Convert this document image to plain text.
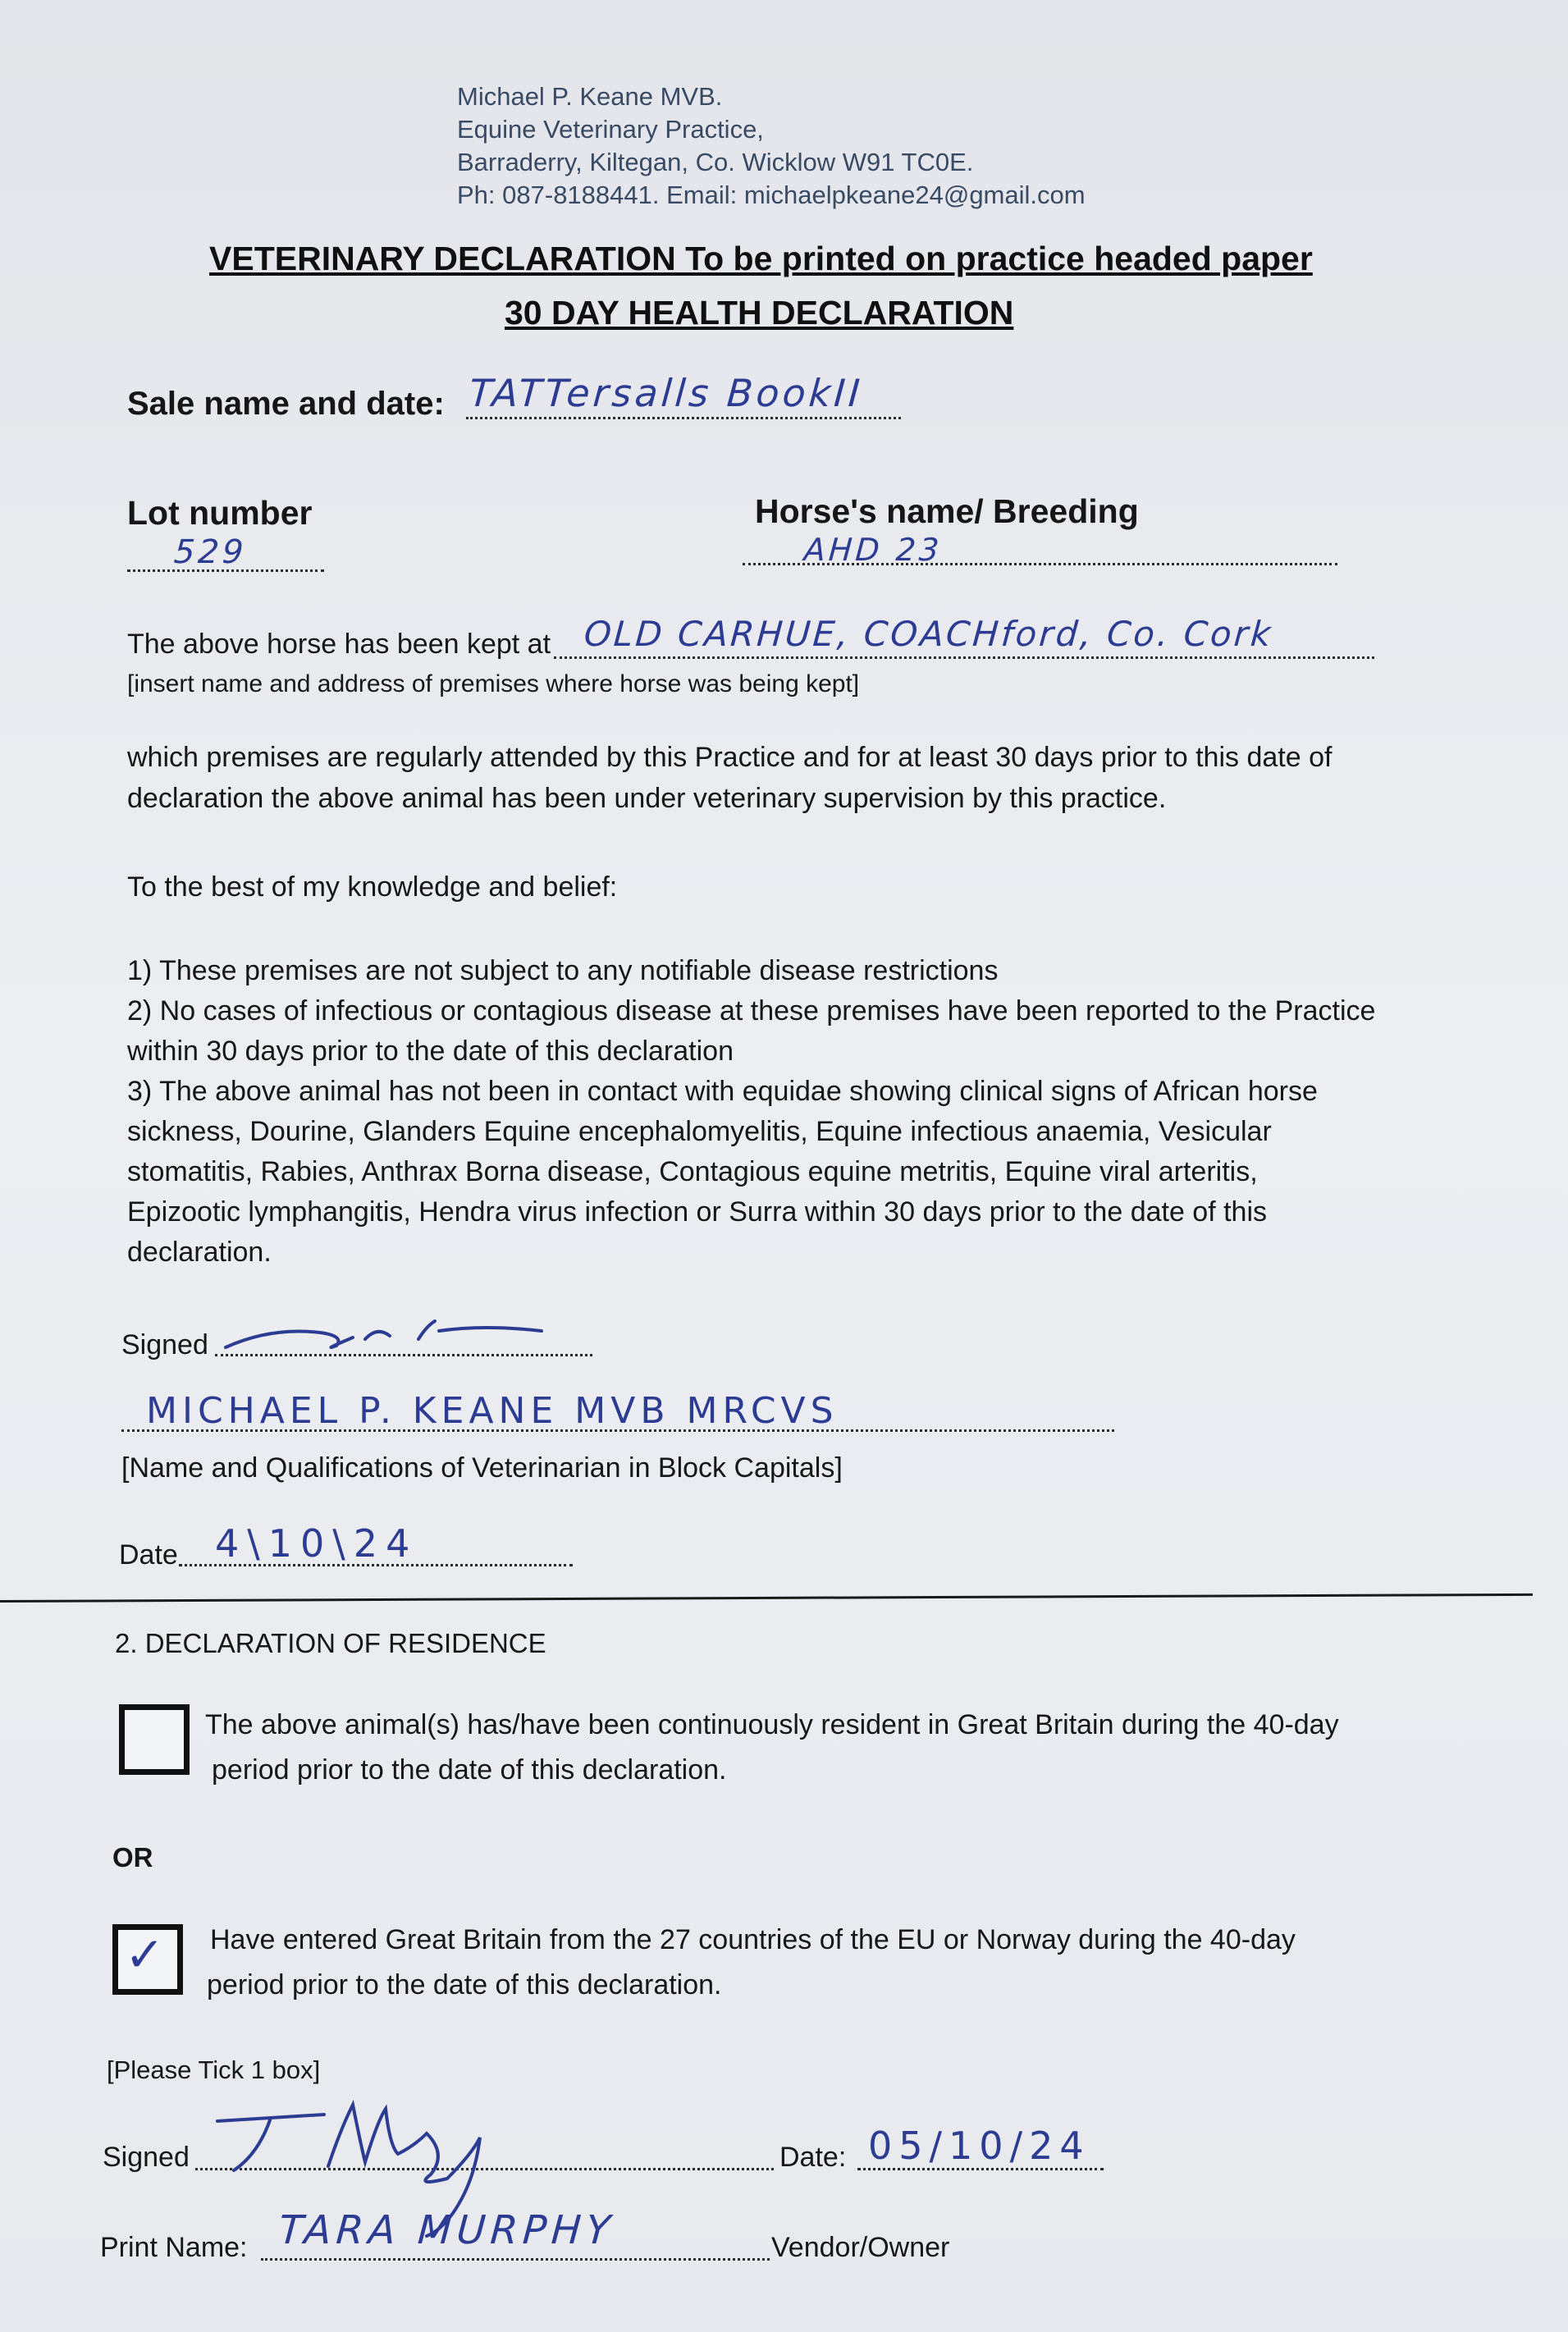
Michael P. Keane MVB.
Equine Veterinary Practice,
Barraderry, Kiltegan, Co. Wicklow W91 TC0E.
Ph: 087-8188441. Email: michaelpkeane24@gmail.com
VETERINARY DECLARATION To be printed on practice headed paper
30 DAY HEALTH DECLARATION
Sale name and date: TATTersalls BookII
Lot number
529
Horse's name/ Breeding
AHD 23
The above horse has been kept at OLD CARHUE, COACHford, Co. Cork
[insert name and address of premises where horse was being kept]
which premises are regularly attended by this Practice and for at least 30 days prior to this date of
declaration the above animal has been under veterinary supervision by this practice.
To the best of my knowledge and belief:
1) These premises are not subject to any notifiable disease restrictions
2) No cases of infectious or contagious disease at these premises have been reported to the Practice
within 30 days prior to the date of this declaration
3) The above animal has not been in contact with equidae showing clinical signs of African horse
sickness, Dourine, Glanders Equine encephalomyelitis, Equine infectious anaemia, Vesicular
stomatitis, Rabies, Anthrax Borna disease, Contagious equine metritis, Equine viral arteritis,
Epizootic lymphangitis, Hendra virus infection or Surra within 30 days prior to the date of this
declaration.
Signed
MICHAEL P. KEANE MVB MRCVS
[Name and Qualifications of Veterinarian in Block Capitals]
Date 4\10\24
2. DECLARATION OF RESIDENCE
The above animal(s) has/have been continuously resident in Great Britain during the 40-day
period prior to the date of this declaration.
OR
✓ Have entered Great Britain from the 27 countries of the EU or Norway during the 40-day
period prior to the date of this declaration.
[Please Tick 1 box]
Signed	Date: 05/10/24
Print Name: TARA MURPHY	Vendor/Owner
